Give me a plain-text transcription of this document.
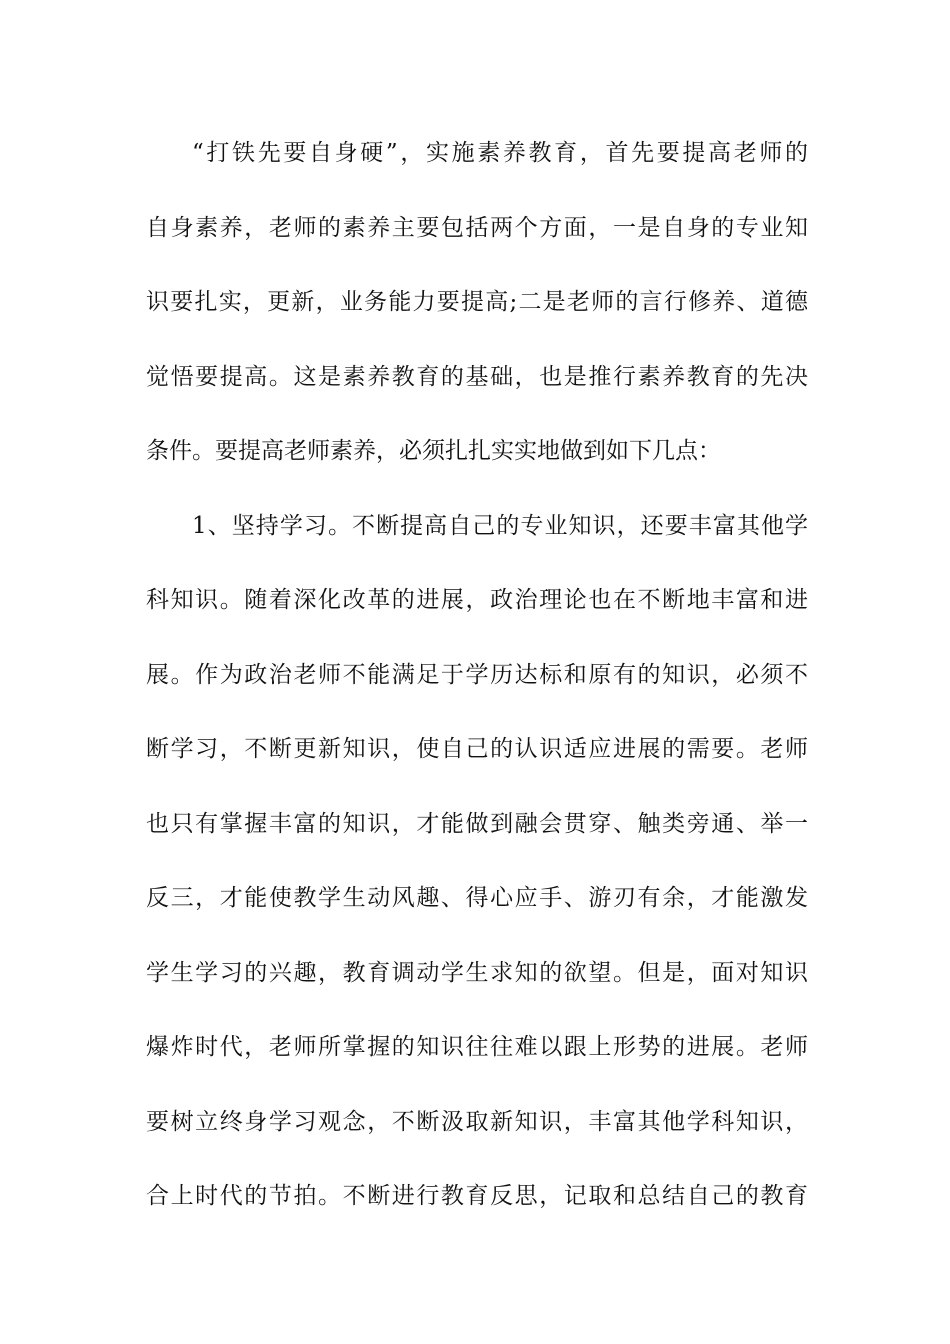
“打铁先要自身硬”，实施素养教育，首先要提高老师的
自身素养，老师的素养主要包括两个方面，一是自身的专业知
识要扎实，更新，业务能力要提高;二是老师的言行修养、道德
觉悟要提高。这是素养教育的基础，也是推行素养教育的先决
条件。要提高老师素养，必须扎扎实实地做到如下几点：
1、坚持学习。不断提高自己的专业知识，还要丰富其他学
科知识。随着深化改革的进展，政治理论也在不断地丰富和进
展。作为政治老师不能满足于学历达标和原有的知识，必须不
断学习，不断更新知识，使自己的认识适应进展的需要。老师
也只有掌握丰富的知识，才能做到融会贯穿、触类旁通、举一
反三，才能使教学生动风趣、得心应手、游刃有余，才能激发
学生学习的兴趣，教育调动学生求知的欲望。但是，面对知识
爆炸时代，老师所掌握的知识往往难以跟上形势的进展。老师
要树立终身学习观念，不断汲取新知识，丰富其他学科知识，
合上时代的节拍。不断进行教育反思，记取和总结自己的教育
